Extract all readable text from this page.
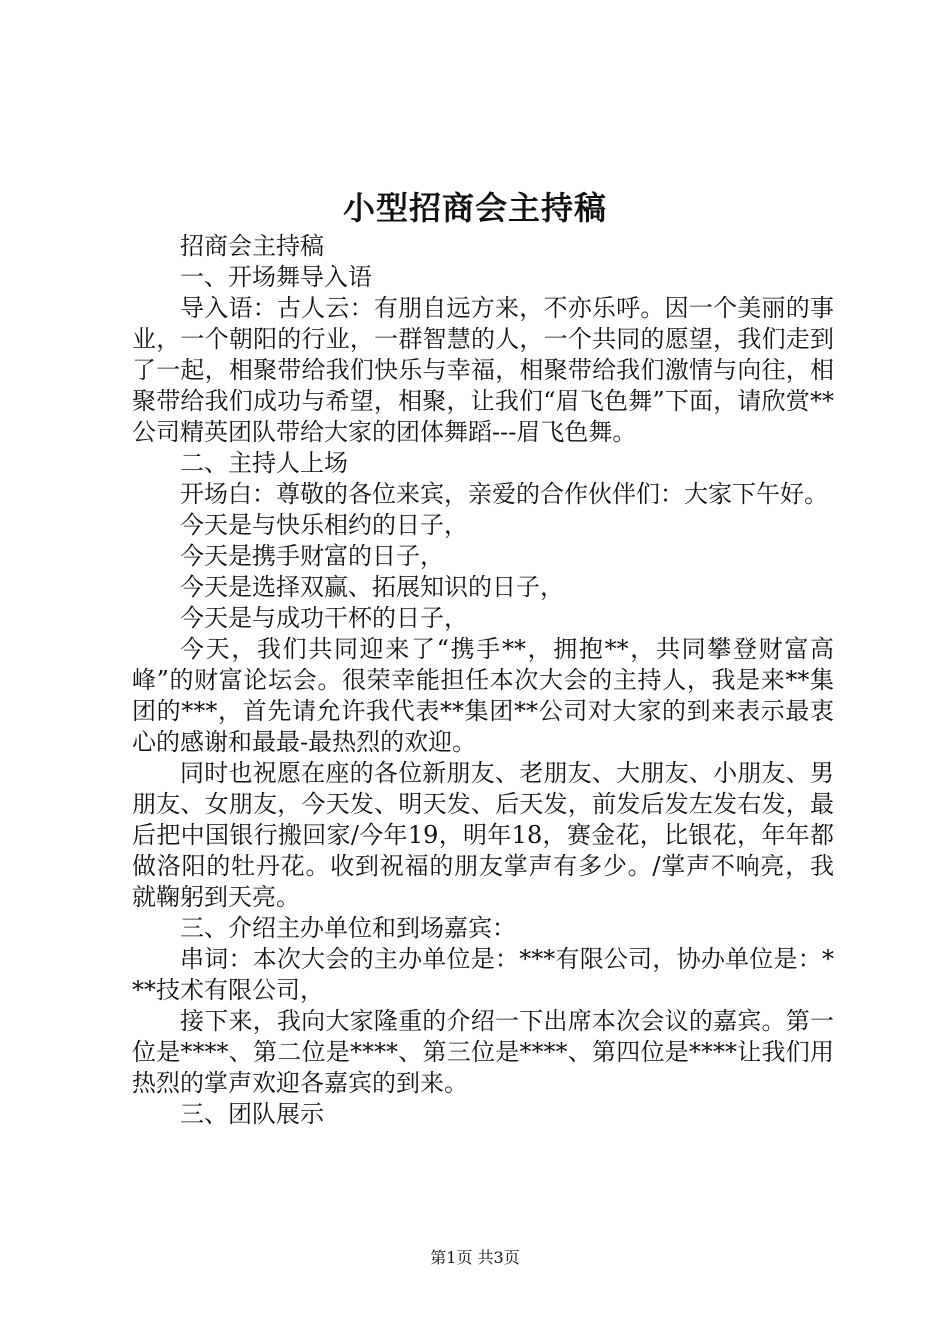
小型招商会主持稿

招商会主持稿

一、开场舞导入语

导入语：古人云：有朋自远方来，不亦乐呼。因一个美丽的事业，一个朝阳的行业，一群智慧的人，一个共同的愿望，我们走到了一起，相聚带给我们快乐与幸福，相聚带给我们激情与向往，相聚带给我们成功与希望，相聚，让我们“眉飞色舞”下面，请欣赏**公司精英团队带给大家的团体舞蹈---眉飞色舞。

二、主持人上场

开场白：尊敬的各位来宾，亲爱的合作伙伴们：大家下午好。

今天是与快乐相约的日子，

今天是携手财富的日子，

今天是选择双赢、拓展知识的日子，

今天是与成功干杯的日子，

今天，我们共同迎来了“携手**，拥抱**，共同攀登财富高峰”的财富论坛会。很荣幸能担任本次大会的主持人，我是来**集团的***，首先请允许我代表**集团**公司对大家的到来表示最衷心的感谢和最最-最热烈的欢迎。

同时也祝愿在座的各位新朋友、老朋友、大朋友、小朋友、男朋友、女朋友，今天发、明天发、后天发，前发后发左发右发，最后把中国银行搬回家/今年19，明年18，赛金花，比银花，年年都做洛阳的牡丹花。收到祝福的朋友掌声有多少。/掌声不响亮，我就鞠躬到天亮。

三、介绍主办单位和到场嘉宾：

串词：本次大会的主办单位是：***有限公司，协办单位是：***技术有限公司，

接下来，我向大家隆重的介绍一下出席本次会议的嘉宾。第一位是****、第二位是****、第三位是****、第四位是****让我们用热烈的掌声欢迎各嘉宾的到来。

三、团队展示

第1页 共3页
